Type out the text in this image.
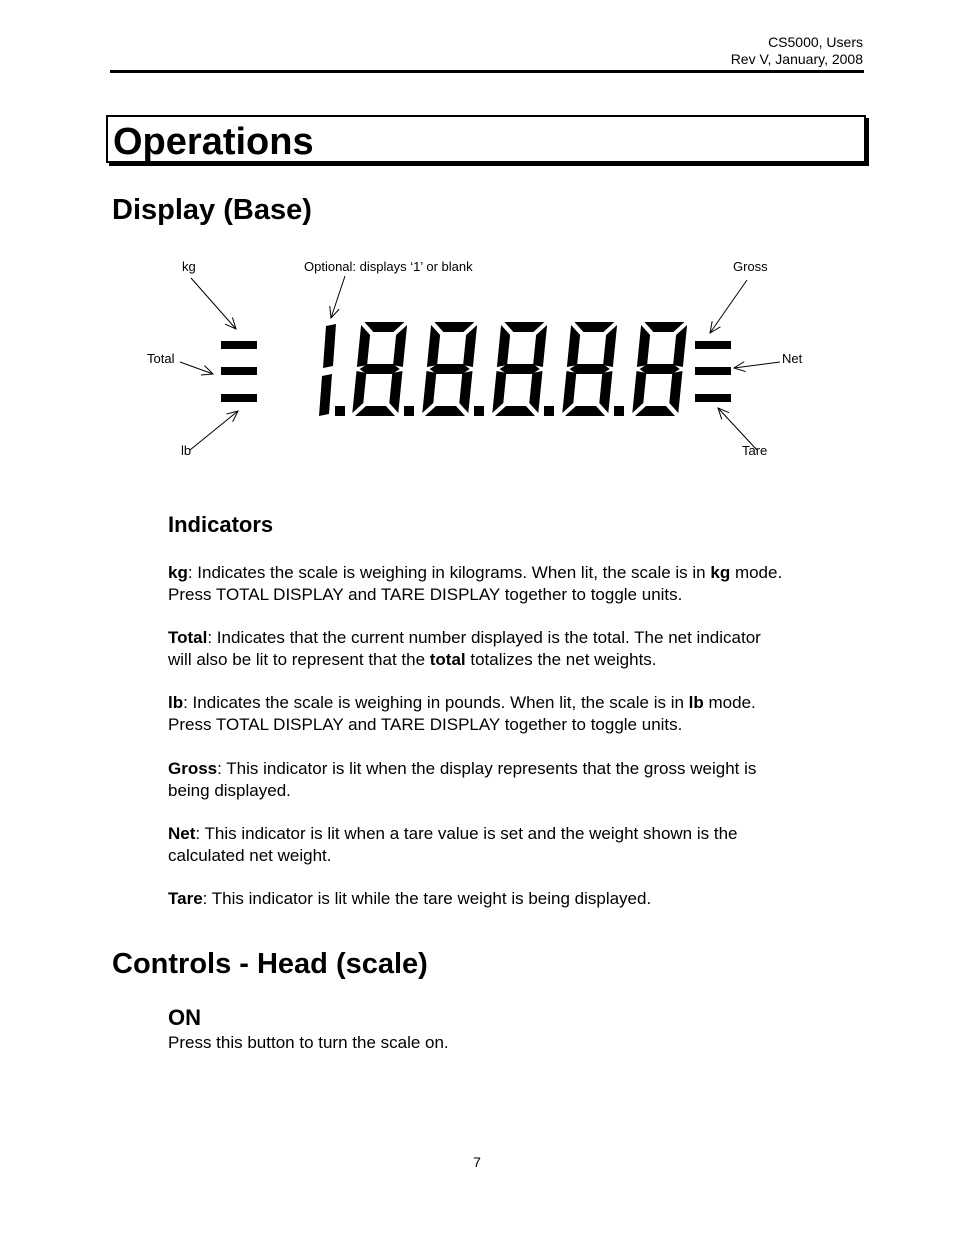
CS5000, Users
Rev V, January, 2008
Operations
Display (Base)
kg	Optional: displays ‘1’ or blank	Gross
Total	Net
lb	Tare
Indicators
kg: Indicates the scale is weighing in kilograms. When lit, the scale is in kg mode.
Press TOTAL DISPLAY and TARE DISPLAY together to toggle units.
Total: Indicates that the current number displayed is the total. The net indicator
will also be lit to represent that the total totalizes the net weights.
lb: Indicates the scale is weighing in pounds. When lit, the scale is in lb mode.
Press TOTAL DISPLAY and TARE DISPLAY together to toggle units.
Gross: This indicator is lit when the display represents that the gross weight is
being displayed.
Net: This indicator is lit when a tare value is set and the weight shown is the
calculated net weight.
Tare: This indicator is lit while the tare weight is being displayed.
Controls - Head (scale)
ON
Press this button to turn the scale on.
7
